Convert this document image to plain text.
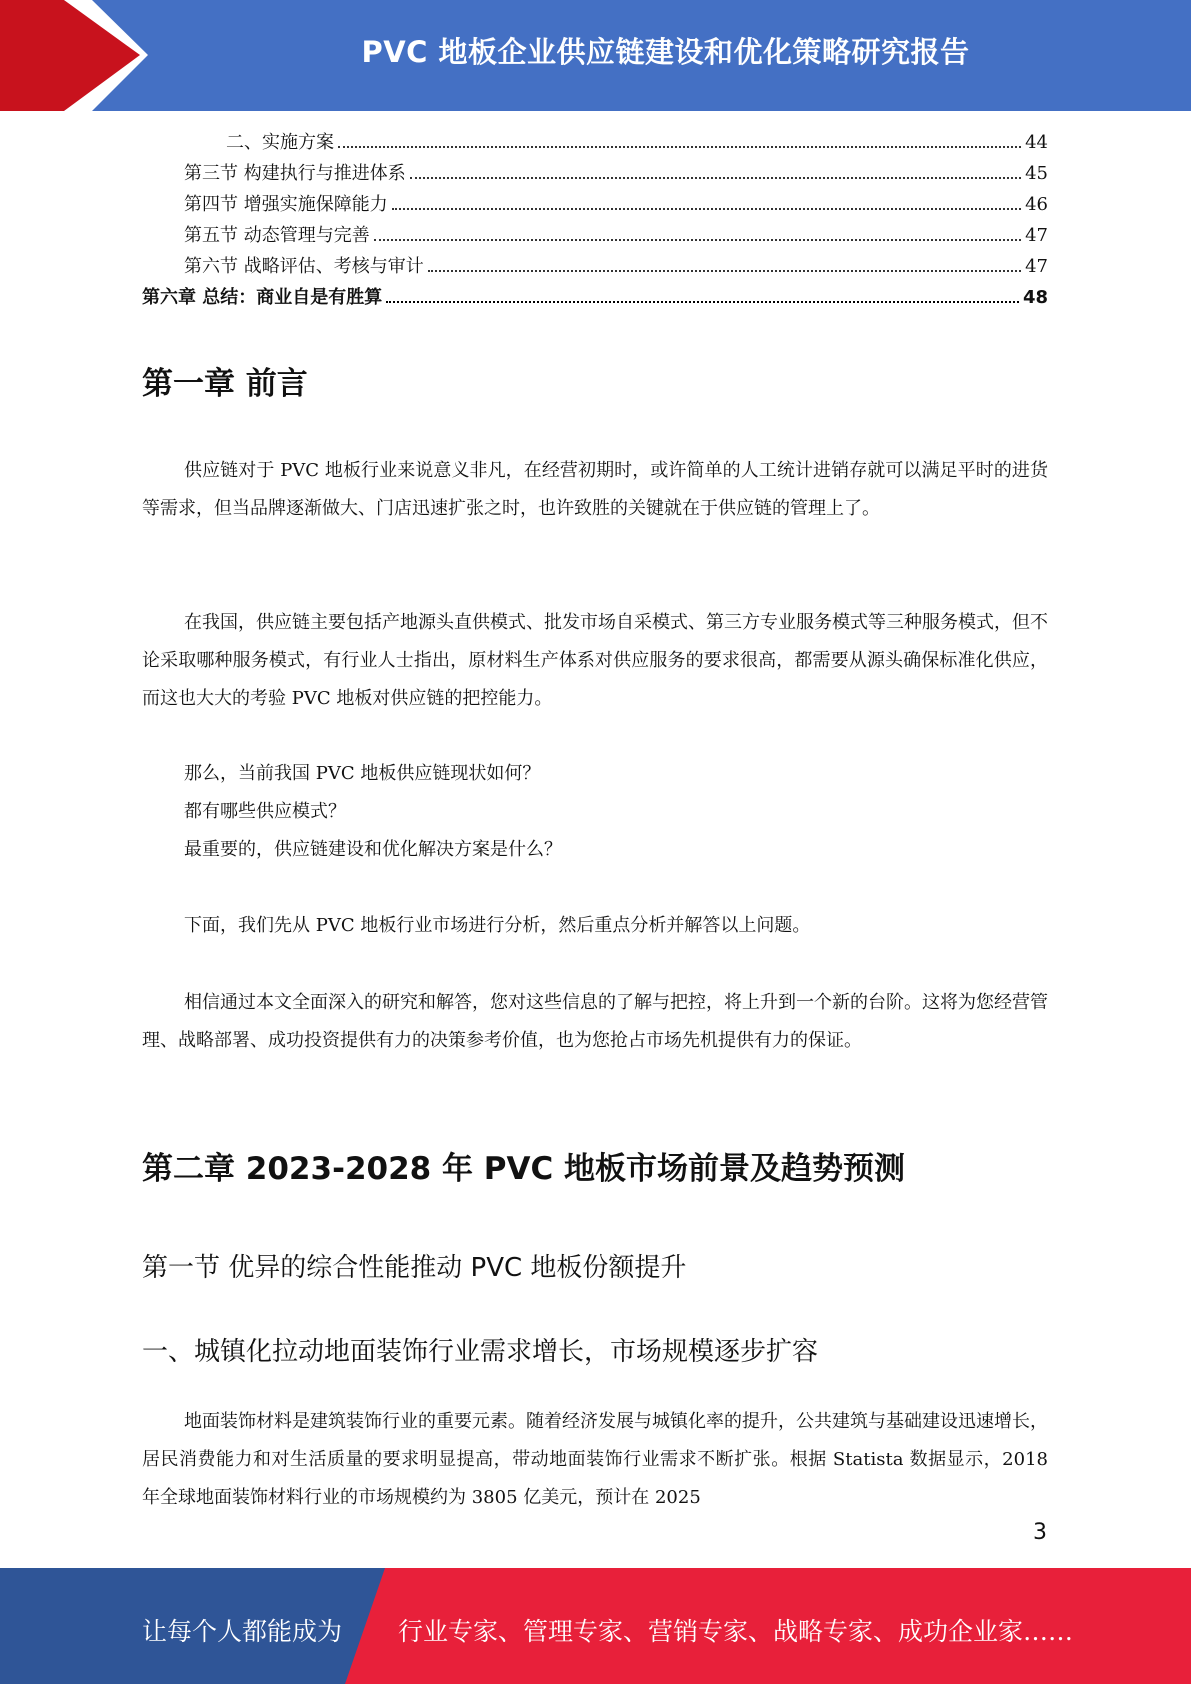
PVC 地板企业供应链建设和优化策略研究报告
二、实施方案	44
第三节 构建执行与推进体系	45
第四节 增强实施保障能力	46
第五节 动态管理与完善	47
第六节 战略评估、考核与审计	47
第六章 总结：商业自是有胜算	48
第一章 前言

供应链对于 PVC 地板行业来说意义非凡，在经营初期时，或许简单的人工统计进销存就可以满足平时的进货等需求，但当品牌逐渐做大、门店迅速扩张之时，也许致胜的关键就在于供应链的管理上了。

在我国，供应链主要包括产地源头直供模式、批发市场自采模式、第三方专业服务模式等三种服务模式，但不论采取哪种服务模式，有行业人士指出，原材料生产体系对供应服务的要求很高，都需要从源头确保标准化供应，而这也大大的考验 PVC 地板对供应链的把控能力。

那么，当前我国 PVC 地板供应链现状如何？

都有哪些供应模式？

最重要的，供应链建设和优化解决方案是什么？

下面，我们先从 PVC 地板行业市场进行分析，然后重点分析并解答以上问题。

相信通过本文全面深入的研究和解答，您对这些信息的了解与把控，将上升到一个新的台阶。这将为您经营管理、战略部署、成功投资提供有力的决策参考价值，也为您抢占市场先机提供有力的保证。

第二章 2023-2028 年 PVC 地板市场前景及趋势预测
第一节 优异的综合性能推动 PVC 地板份额提升
一、城镇化拉动地面装饰行业需求增长，市场规模逐步扩容

地面装饰材料是建筑装饰行业的重要元素。随着经济发展与城镇化率的提升，公共建筑与基础建设迅速增长，居民消费能力和对生活质量的要求明显提高，带动地面装饰行业需求不断扩张。根据 Statista 数据显示，2018 年全球地面装饰材料行业的市场规模约为 3805 亿美元，预计在 2025

3
让每个人都能成为 行业专家、管理专家、营销专家、战略专家、成功企业家……
